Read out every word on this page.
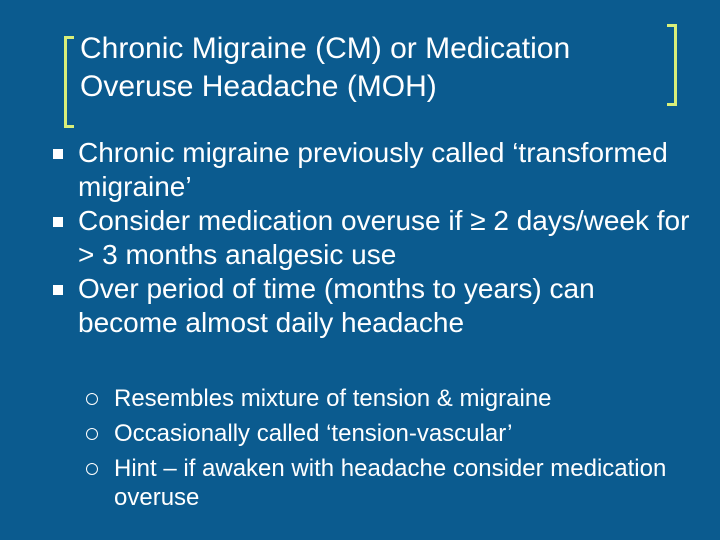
Chronic Migraine (CM) or Medication
Overuse Headache (MOH)
Chronic migraine previously called ‘transformed migraine’
Consider medication overuse if ≥ 2 days/week for > 3 months analgesic use
Over period of time (months to years) can become almost daily headache
Resembles mixture of tension & migraine
Occasionally called ‘tension-vascular’
Hint – if awaken with headache consider medication overuse
